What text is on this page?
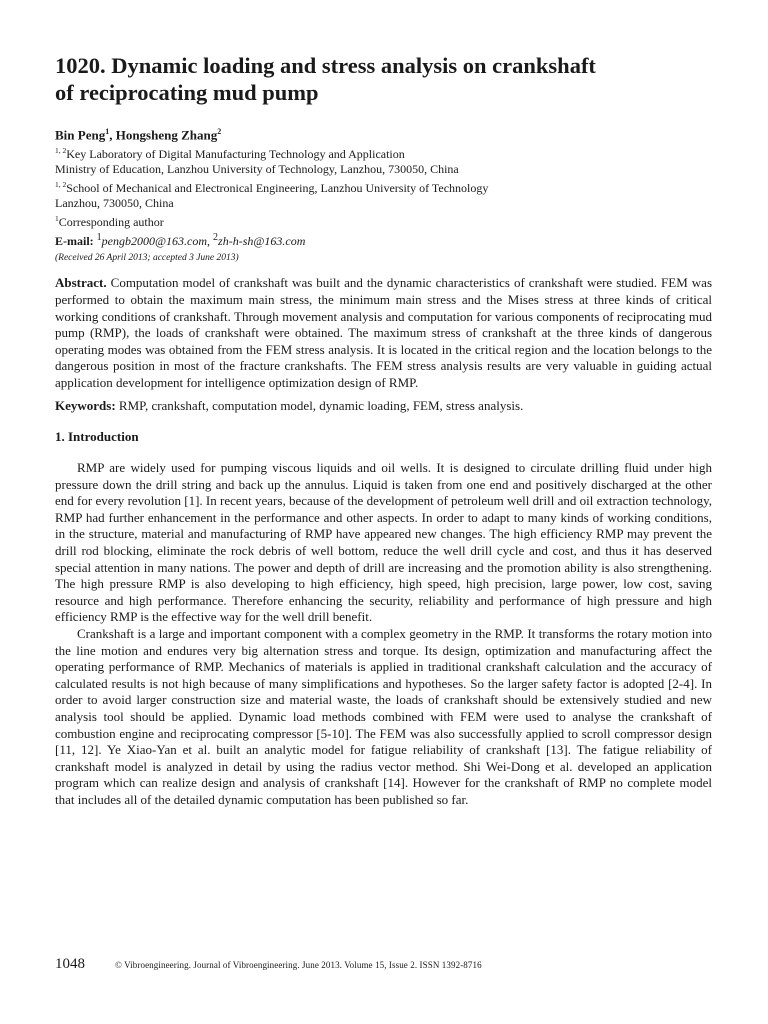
1020. Dynamic loading and stress analysis on crankshaft
of reciprocating mud pump

Bin Peng$^1$, Hongsheng Zhang$^2$

$^{1, 2}$Key Laboratory of Digital Manufacturing Technology and Application

Ministry of Education, Lanzhou University of Technology, Lanzhou, 730050, China

$^{1, 2}$School of Mechanical and Electronical Engineering, Lanzhou University of Technology

Lanzhou, 730050, China

$^1$Corresponding author

E-mail: $^1$pengb2000@163.com, $^2$zh-h-sh@163.com

(Received 26 April 2013; accepted 3 June 2013)

Abstract. Computation model of crankshaft was built and the dynamic characteristics of crankshaft were studied. FEM was performed to obtain the maximum main stress, the minimum main stress and the Mises stress at three kinds of critical working conditions of crankshaft. Through movement analysis and computation for various components of reciprocating mud pump (RMP), the loads of crankshaft were obtained. The maximum stress of crankshaft at the three kinds of dangerous operating modes was obtained from the FEM stress analysis. It is located in the critical region and the location belongs to the dangerous position in most of the fracture crankshafts. The FEM stress analysis results are very valuable in guiding actual application development for intelligence optimization design of RMP.

Keywords: RMP, crankshaft, computation model, dynamic loading, FEM, stress analysis.

1. Introduction

RMP are widely used for pumping viscous liquids and oil wells. It is designed to circulate drilling fluid under high pressure down the drill string and back up the annulus. Liquid is taken from one end and positively discharged at the other end for every revolution [1]. In recent years, because of the development of petroleum well drill and oil extraction technology, RMP had further enhancement in the performance and other aspects. In order to adapt to many kinds of working conditions, in the structure, material and manufacturing of RMP have appeared new changes. The high efficiency RMP may prevent the drill rod blocking, eliminate the rock debris of well bottom, reduce the well drill cycle and cost, and thus it has deserved special attention in many nations. The power and depth of drill are increasing and the promotion ability is also strengthening. The high pressure RMP is also developing to high efficiency, high speed, high precision, large power, low cost, saving resource and high performance. Therefore enhancing the security, reliability and performance of high pressure and high efficiency RMP is the effective way for the well drill benefit.

Crankshaft is a large and important component with a complex geometry in the RMP. It transforms the rotary motion into the line motion and endures very big alternation stress and torque. Its design, optimization and manufacturing affect the operating performance of RMP. Mechanics of materials is applied in traditional crankshaft calculation and the accuracy of calculated results is not high because of many simplifications and hypotheses. So the larger safety factor is adopted [2-4]. In order to avoid larger construction size and material waste, the loads of crankshaft should be extensively studied and new analysis tool should be applied. Dynamic load methods combined with FEM were used to analyse the crankshaft of combustion engine and reciprocating compressor [5-10]. The FEM was also successfully applied to scroll compressor design [11, 12]. Ye Xiao-Yan et al. built an analytic model for fatigue reliability of crankshaft [13]. The fatigue reliability of crankshaft model is analyzed in detail by using the radius vector method. Shi Wei-Dong et al. developed an application program which can realize design and analysis of crankshaft [14]. However for the crankshaft of RMP no complete model that includes all of the detailed dynamic computation has been published so far.

1048	© Vibroengineering. Journal of Vibroengineering. June 2013. Volume 15, Issue 2. ISSN 1392-8716
